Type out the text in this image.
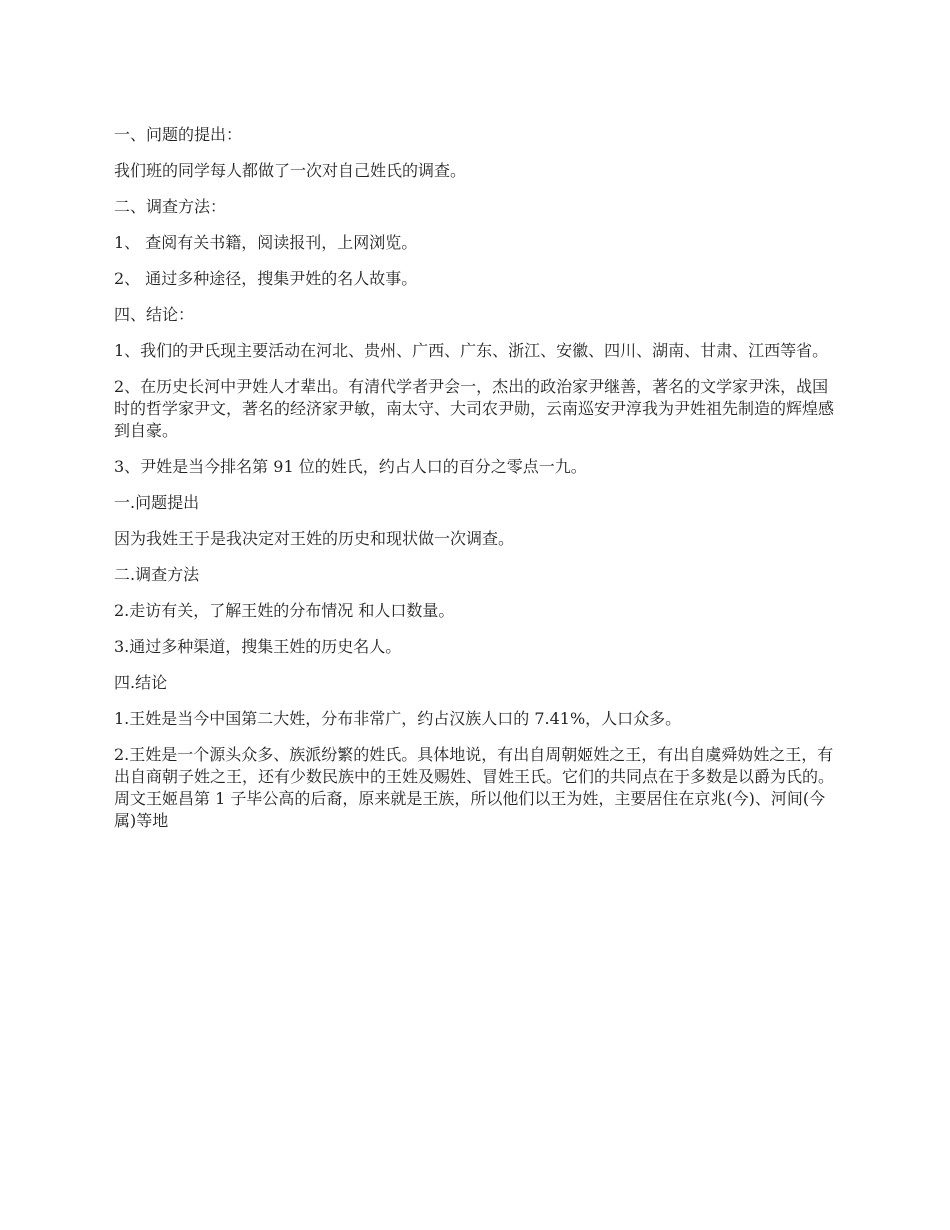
一、问题的提出：

我们班的同学每人都做了一次对自己姓氏的调查。

二、调查方法：

1、 查阅有关书籍，阅读报刊，上网浏览。

2、 通过多种途径，搜集尹姓的名人故事。

四、结论：

1、我们的尹氏现主要活动在河北、贵州、广西、广东、浙江、安徽、四川、湖南、甘肃、江西等省。

2、在历史长河中尹姓人才辈出。有清代学者尹会一，杰出的政治家尹继善，著名的文学家尹洙，战国时的哲学家尹文，著名的经济家尹敏，南太守、大司农尹勋，云南巡安尹淳我为尹姓祖先制造的辉煌感到自豪。

3、尹姓是当今排名第 91 位的姓氏，约占人口的百分之零点一九。

一.问题提出

因为我姓王于是我决定对王姓的历史和现状做一次调查。

二.调查方法

2.走访有关，了解王姓的分布情况 和人口数量。

3.通过多种渠道，搜集王姓的历史名人。

四.结论

1.王姓是当今中国第二大姓，分布非常广，约占汉族人口的 7.41%，人口众多。

2.王姓是一个源头众多、族派纷繁的姓氏。具体地说，有出自周朝姬姓之王，有出自虞舜妫姓之王，有出自商朝子姓之王，还有少数民族中的王姓及赐姓、冒姓王氏。它们的共同点在于多数是以爵为氏的。 周文王姬昌第 1 子毕公高的后裔，原来就是王族，所以他们以王为姓，主要居住在京兆(今)、河间(今属)等地
